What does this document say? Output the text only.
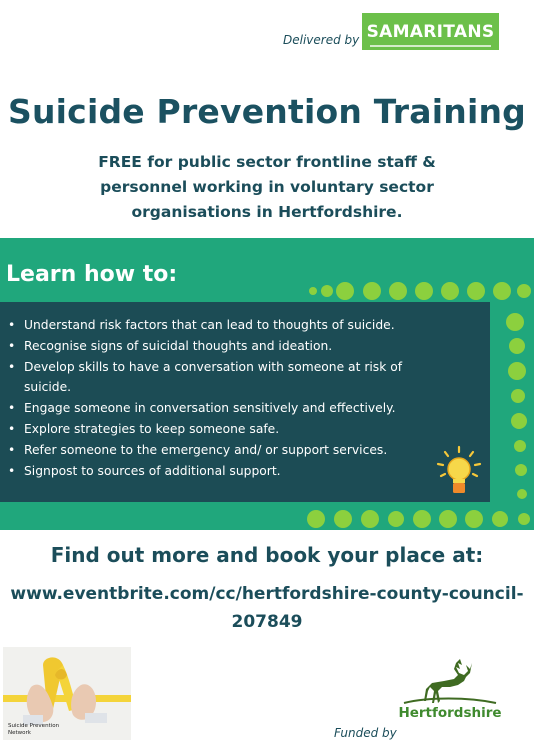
Delivered by SAMARITANS
Suicide Prevention Training
FREE for public sector frontline staff &
personnel working in voluntary sector
organisations in Hertfordshire.
Learn how to:
• Understand risk factors that can lead to thoughts of suicide.
• Recognise signs of suicidal thoughts and ideation.
• Develop skills to have a conversation with someone at risk of suicide.
• Engage someone in conversation sensitively and effectively.
• Explore strategies to keep someone safe.
• Refer someone to the emergency and/ or support services.
• Signpost to sources of additional support.
Find out more and book your place at:
www.eventbrite.com/cc/hertfordshire-county-council-
207849
Suicide Prevention
Network	Funded by
Hertfordshire
